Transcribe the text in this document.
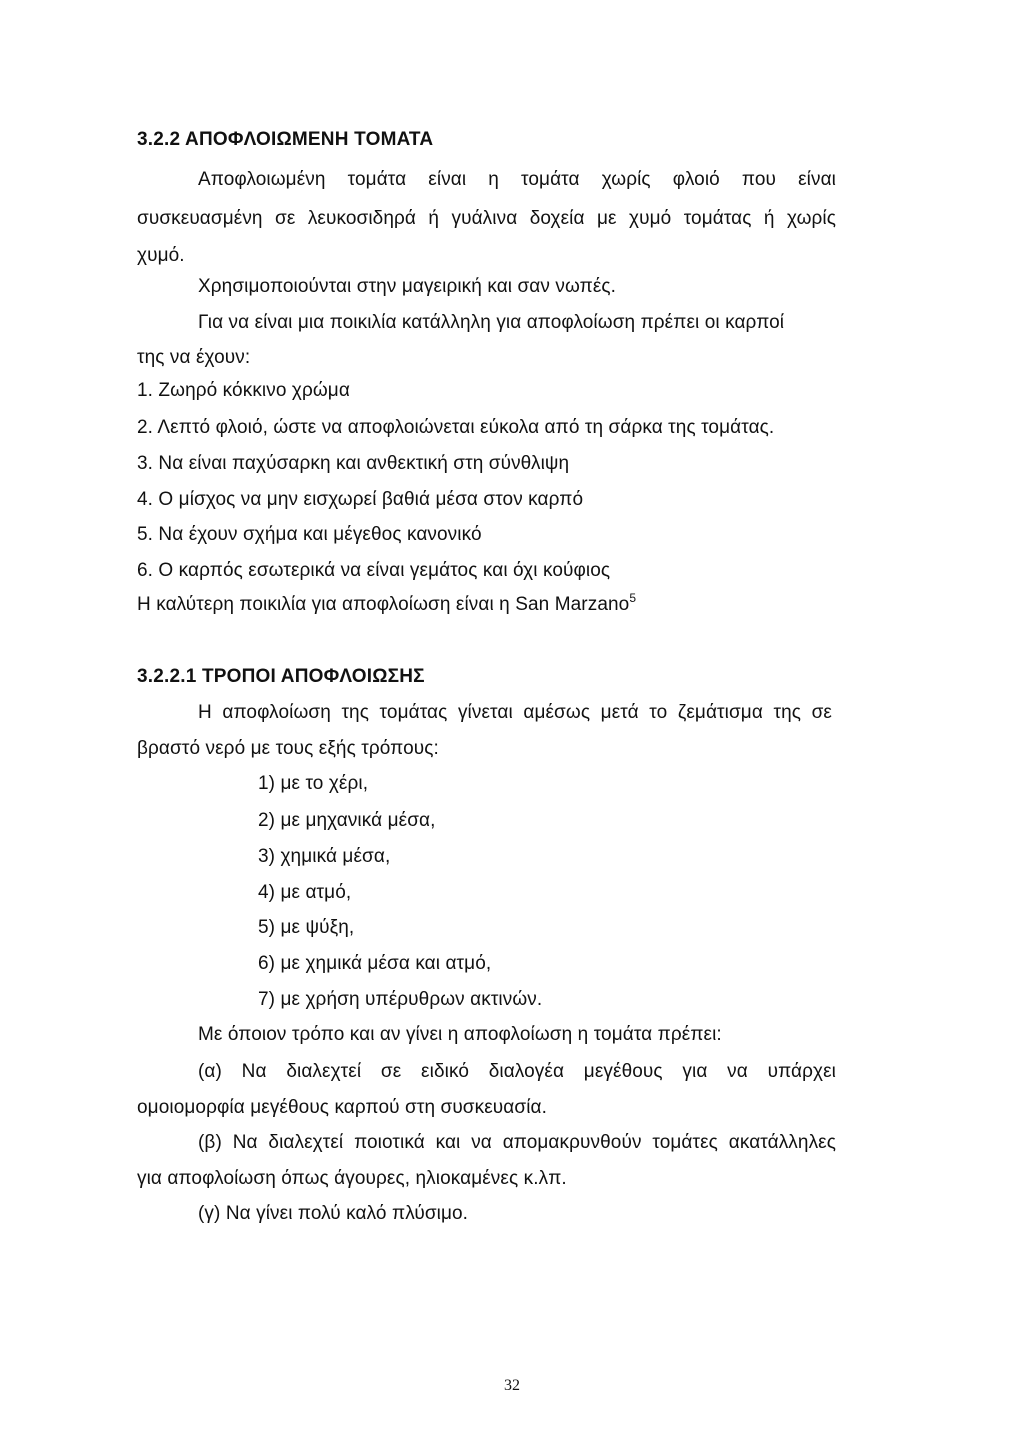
3.2.2 ΑΠΟΦΛΟΙΩΜΕΝΗ ΤΟΜΑΤΑ
Αποφλοιωμένη τομάτα είναι η τομάτα χωρίς φλοιό που είναι
συσκευασμένη σε λευκοσιδηρά ή γυάλινα δοχεία με χυμό τομάτας ή χωρίς
χυμό.
Χρησιμοποιούνται στην μαγειρική και σαν νωπές.
Για να είναι μια ποικιλία κατάλληλη για αποφλοίωση πρέπει οι καρποί
της να έχουν:
1. Ζωηρό κόκκινο χρώμα
2. Λεπτό φλοιό, ώστε να αποφλοιώνεται εύκολα από τη σάρκα της τομάτας.
3. Να είναι παχύσαρκη και ανθεκτική στη σύνθλιψη
4. Ο μίσχος να μην εισχωρεί βαθιά μέσα στον καρπό
5. Να έχουν σχήμα και μέγεθος κανονικό
6. Ο καρπός εσωτερικά να είναι γεμάτος και όχι κούφιος
Η καλύτερη ποικιλία για αποφλοίωση είναι η San Marzano$^5$
3.2.2.1 ΤΡΟΠΟΙ ΑΠΟΦΛΟΙΩΣΗΣ
Η αποφλοίωση της τομάτας γίνεται αμέσως μετά το ζεμάτισμα της σε
βραστό νερό με τους εξής τρόπους:
1) με το χέρι,
2) με μηχανικά μέσα,
3) χημικά μέσα,
4) με ατμό,
5) με ψύξη,
6) με χημικά μέσα και ατμό,
7) με χρήση υπέρυθρων ακτινών.
Με όποιον τρόπο και αν γίνει η αποφλοίωση η τομάτα πρέπει:
(α) Να διαλεχτεί σε ειδικό διαλογέα μεγέθους για να υπάρχει
ομοιομορφία μεγέθους καρπού στη συσκευασία.
(β) Να διαλεχτεί ποιοτικά και να απομακρυνθούν τομάτες ακατάλληλες
για αποφλοίωση όπως άγουρες, ηλιοκαμένες κ.λπ.
(γ) Να γίνει πολύ καλό πλύσιμο.
32
